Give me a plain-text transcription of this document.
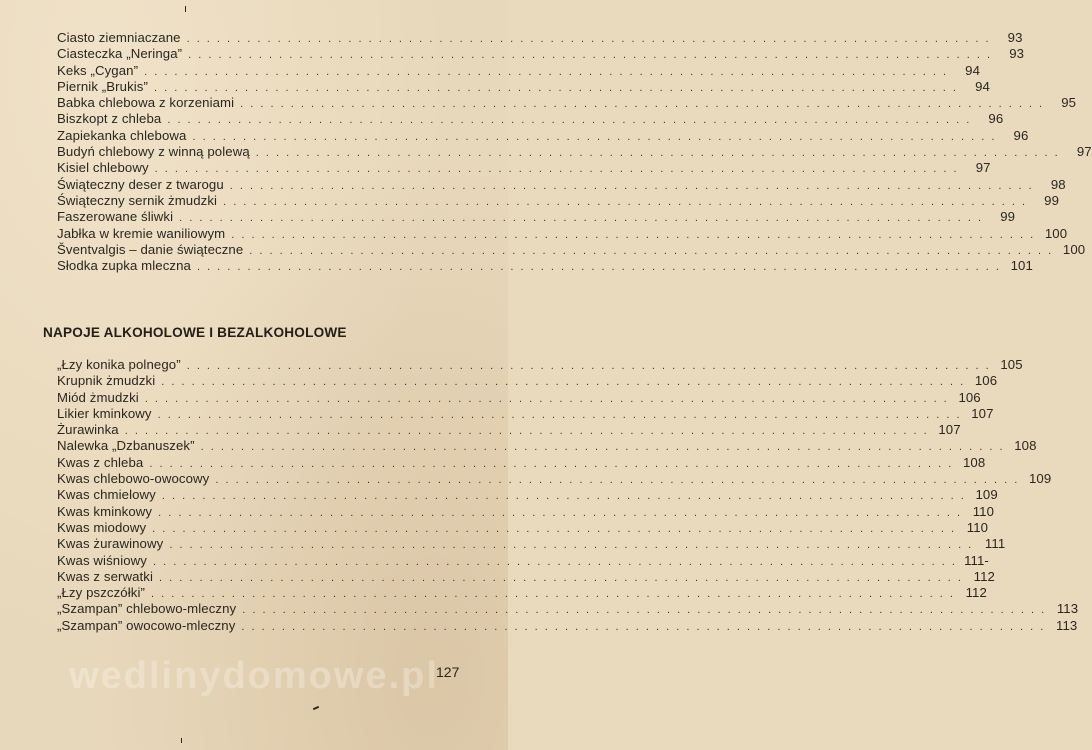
Ciasto ziemniaczane . . . . . . . . . . . . . . . . . . . . . . . . . . . . . . . . . . . . . . . . . . . . . . . . . . . . . . . . . . . . . . . . . . . . . . . . . . . . . . . .	93
Ciasteczka „Neringa” . . . . . . . . . . . . . . . . . . . . . . . . . . . . . . . . . . . . . . . . . . . . . . . . . . . . . . . . . . . . . . . . . . . . . . . . . . . . . . . .	93
Keks „Cygan” . . . . . . . . . . . . . . . . . . . . . . . . . . . . . . . . . . . . . . . . . . . . . . . . . . . . . . . . . . . . . . . . . . . . . . . . . . . . . . . .	94
Piernik „Brukis” . . . . . . . . . . . . . . . . . . . . . . . . . . . . . . . . . . . . . . . . . . . . . . . . . . . . . . . . . . . . . . . . . . . . . . . . . . . . . . . .	94
Babka chlebowa z korzeniami . . . . . . . . . . . . . . . . . . . . . . . . . . . . . . . . . . . . . . . . . . . . . . . . . . . . . . . . . . . . . . . . . . . . . . . . . . . . . . . .	95
Biszkopt z chleba . . . . . . . . . . . . . . . . . . . . . . . . . . . . . . . . . . . . . . . . . . . . . . . . . . . . . . . . . . . . . . . . . . . . . . . . . . . . . . . .	96
Zapiekanka chlebowa . . . . . . . . . . . . . . . . . . . . . . . . . . . . . . . . . . . . . . . . . . . . . . . . . . . . . . . . . . . . . . . . . . . . . . . . . . . . . . . .	96
Budyń chlebowy z winną polewą . . . . . . . . . . . . . . . . . . . . . . . . . . . . . . . . . . . . . . . . . . . . . . . . . . . . . . . . . . . . . . . . . . . . . . . . . . . . . . . .	97
Kisiel chlebowy . . . . . . . . . . . . . . . . . . . . . . . . . . . . . . . . . . . . . . . . . . . . . . . . . . . . . . . . . . . . . . . . . . . . . . . . . . . . . . . .	97
Świąteczny deser z twarogu . . . . . . . . . . . . . . . . . . . . . . . . . . . . . . . . . . . . . . . . . . . . . . . . . . . . . . . . . . . . . . . . . . . . . . . . . . . . . . . .	98
Świąteczny sernik żmudzki . . . . . . . . . . . . . . . . . . . . . . . . . . . . . . . . . . . . . . . . . . . . . . . . . . . . . . . . . . . . . . . . . . . . . . . . . . . . . . . .	99
Faszerowane śliwki . . . . . . . . . . . . . . . . . . . . . . . . . . . . . . . . . . . . . . . . . . . . . . . . . . . . . . . . . . . . . . . . . . . . . . . . . . . . . . . .	99
Jabłka w kremie waniliowym . . . . . . . . . . . . . . . . . . . . . . . . . . . . . . . . . . . . . . . . . . . . . . . . . . . . . . . . . . . . . . . . . . . . . . . . . . . . . . . . 100
Šventvalgis – danie świąteczne . . . . . . . . . . . . . . . . . . . . . . . . . . . . . . . . . . . . . . . . . . . . . . . . . . . . . . . . . . . . . . . . . . . . . . . . . . . . . . . . 100
Słodka zupka mleczna . . . . . . . . . . . . . . . . . . . . . . . . . . . . . . . . . . . . . . . . . . . . . . . . . . . . . . . . . . . . . . . . . . . . . . . . . . . . . . . . 101
NAPOJE ALKOHOLOWE I BEZALKOHOLOWE
„Łzy konika polnego” . . . . . . . . . . . . . . . . . . . . . . . . . . . . . . . . . . . . . . . . . . . . . . . . . . . . . . . . . . . . . . . . . . . . . . . . . . . . . . . . 105
Krupnik żmudzki . . . . . . . . . . . . . . . . . . . . . . . . . . . . . . . . . . . . . . . . . . . . . . . . . . . . . . . . . . . . . . . . . . . . . . . . . . . . . . . . 106
Miód żmudzki . . . . . . . . . . . . . . . . . . . . . . . . . . . . . . . . . . . . . . . . . . . . . . . . . . . . . . . . . . . . . . . . . . . . . . . . . . . . . . . . 106
Likier kminkowy . . . . . . . . . . . . . . . . . . . . . . . . . . . . . . . . . . . . . . . . . . . . . . . . . . . . . . . . . . . . . . . . . . . . . . . . . . . . . . . . 107
Żurawinka . . . . . . . . . . . . . . . . . . . . . . . . . . . . . . . . . . . . . . . . . . . . . . . . . . . . . . . . . . . . . . . . . . . . . . . . . . . . . . . . 107
Nalewka „Dzbanuszek” . . . . . . . . . . . . . . . . . . . . . . . . . . . . . . . . . . . . . . . . . . . . . . . . . . . . . . . . . . . . . . . . . . . . . . . . . . . . . . . . 108
Kwas z chleba . . . . . . . . . . . . . . . . . . . . . . . . . . . . . . . . . . . . . . . . . . . . . . . . . . . . . . . . . . . . . . . . . . . . . . . . . . . . . . . . 108
Kwas chlebowo-owocowy . . . . . . . . . . . . . . . . . . . . . . . . . . . . . . . . . . . . . . . . . . . . . . . . . . . . . . . . . . . . . . . . . . . . . . . . . . . . . . . . 109
Kwas chmielowy . . . . . . . . . . . . . . . . . . . . . . . . . . . . . . . . . . . . . . . . . . . . . . . . . . . . . . . . . . . . . . . . . . . . . . . . . . . . . . . . 109
Kwas kminkowy . . . . . . . . . . . . . . . . . . . . . . . . . . . . . . . . . . . . . . . . . . . . . . . . . . . . . . . . . . . . . . . . . . . . . . . . . . . . . . . . 110
Kwas miodowy . . . . . . . . . . . . . . . . . . . . . . . . . . . . . . . . . . . . . . . . . . . . . . . . . . . . . . . . . . . . . . . . . . . . . . . . . . . . . . . . 110
Kwas żurawinowy . . . . . . . . . . . . . . . . . . . . . . . . . . . . . . . . . . . . . . . . . . . . . . . . . . . . . . . . . . . . . . . . . . . . . . . . . . . . . . . . 111
Kwas wiśniowy . . . . . . . . . . . . . . . . . . . . . . . . . . . . . . . . . . . . . . . . . . . . . . . . . . . . . . . . . . . . . . . . . . . . . . . . . . . . . . . . 111-
Kwas z serwatki . . . . . . . . . . . . . . . . . . . . . . . . . . . . . . . . . . . . . . . . . . . . . . . . . . . . . . . . . . . . . . . . . . . . . . . . . . . . . . . . 112
„Łzy pszczółki” . . . . . . . . . . . . . . . . . . . . . . . . . . . . . . . . . . . . . . . . . . . . . . . . . . . . . . . . . . . . . . . . . . . . . . . . . . . . . . . . 112
„Szampan” chlebowo-mleczny . . . . . . . . . . . . . . . . . . . . . . . . . . . . . . . . . . . . . . . . . . . . . . . . . . . . . . . . . . . . . . . . . . . . . . . . . . . . . . . . 113
„Szampan” owocowo-mleczny . . . . . . . . . . . . . . . . . . . . . . . . . . . . . . . . . . . . . . . . . . . . . . . . . . . . . . . . . . . . . . . . . . . . . . . . . . . . . . . . 113
wedlinydomowe.pl
127
